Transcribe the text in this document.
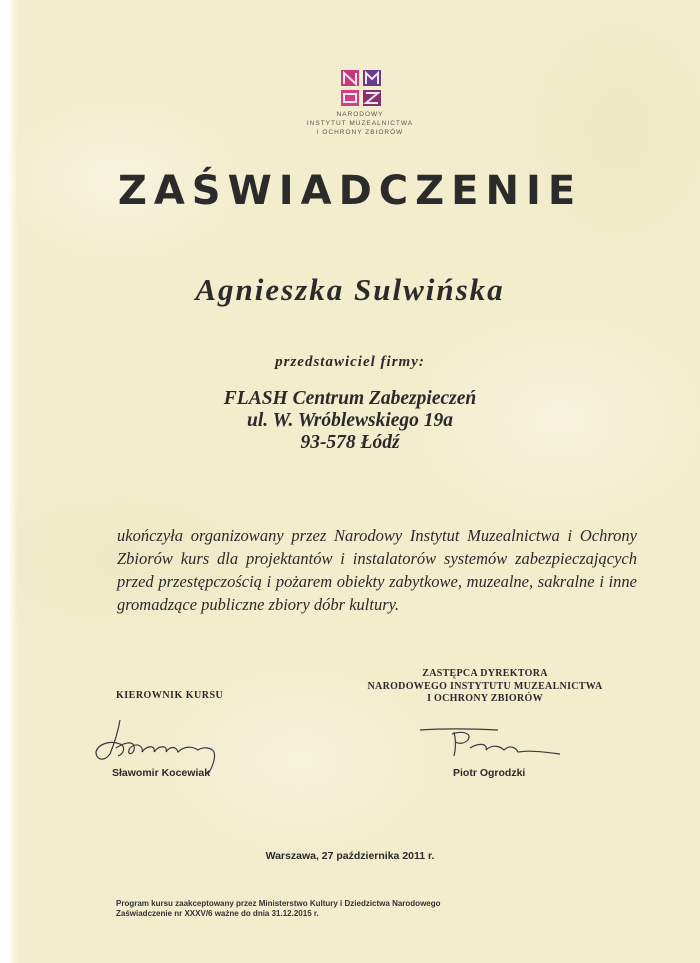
NARODOWY
INSTYTUT MUZEALNICTWA
I OCHRONY ZBIORÓW
ZAŚWIADCZENIE
Agnieszka Sulwińska
przedstawiciel firmy:
FLASH Centrum Zabezpieczeń
ul. W. Wróblewskiego 19a
93-578 Łódź
ukończyła organizowany przez Narodowy Instytut Muzealnictwa i Ochrony Zbiorów kurs dla projektantów i instalatorów systemów zabezpieczających przed przestępczością i pożarem obiekty zabytkowe, muzealne, sakralne i inne gromadzące publiczne zbiory dóbr kultury.
KIEROWNIK KURSU
Sławomir Kocewiak
ZASTĘPCA DYREKTORA
NARODOWEGO INSTYTUTU MUZEALNICTWA
I OCHRONY ZBIORÓW
Piotr Ogrodzki
Warszawa, 27 października 2011 r.
Program kursu zaakceptowany przez Ministerstwo Kultury i Dziedzictwa Narodowego
Zaświadczenie nr XXXV/6 ważne do dnia 31.12.2015 r.
